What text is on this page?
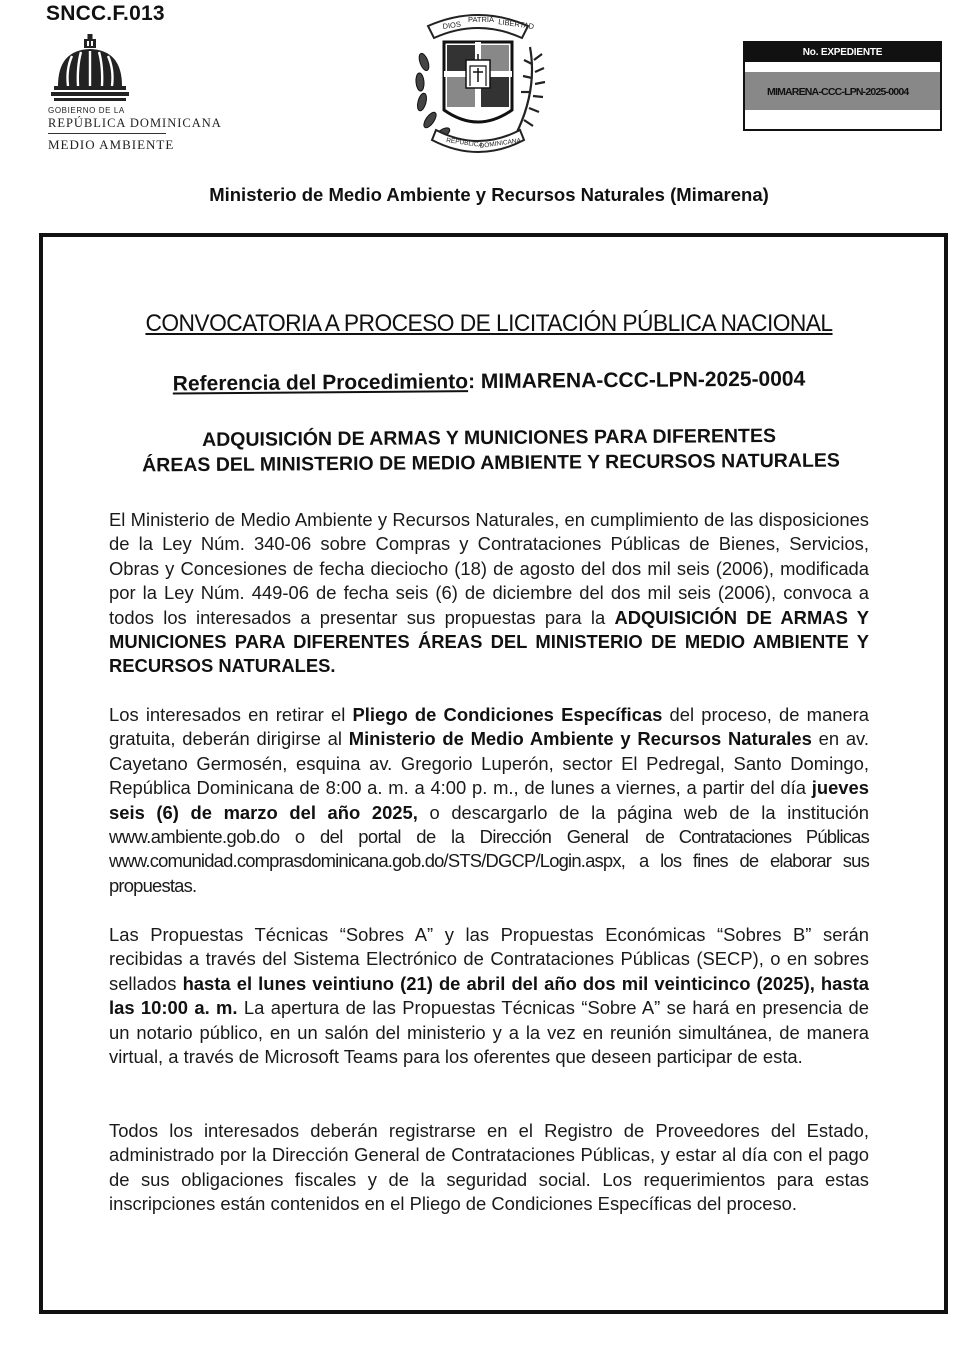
SNCC.F.013
GOBIERNO DE LA
REPÚBLICA DOMINICANA
MEDIO AMBIENTE
DIOS
PATRIA LIBERTAD
REPÚBLICA
DOMINICANA
No. EXPEDIENTE
MIMARENA-CCC-LPN-2025-0004
Ministerio de Medio Ambiente y Recursos Naturales (Mimarena)
CONVOCATORIA A PROCESO DE LICITACIÓN PÚBLICA NACIONAL
Referencia del Procedimiento: MIMARENA-CCC-LPN-2025-0004
ADQUISICIÓN DE ARMAS Y MUNICIONES PARA DIFERENTES
ÁREAS DEL MINISTERIO DE MEDIO AMBIENTE Y RECURSOS NATURALES
El Ministerio de Medio Ambiente y Recursos Naturales, en cumplimiento de las disposiciones de la Ley Núm. 340-06 sobre Compras y Contrataciones Públicas de Bienes, Servicios, Obras y Concesiones de fecha dieciocho (18) de agosto del dos mil seis (2006), modificada por la Ley Núm. 449-06 de fecha seis (6) de diciembre del dos mil seis (2006), convoca a todos los interesados a presentar sus propuestas para la ADQUISICIÓN DE ARMAS Y MUNICIONES PARA DIFERENTES ÁREAS DEL MINISTERIO DE MEDIO AMBIENTE Y RECURSOS NATURALES.
Los interesados en retirar el Pliego de Condiciones Específicas del proceso, de manera gratuita, deberán dirigirse al Ministerio de Medio Ambiente y Recursos Naturales en av. Cayetano Germosén, esquina av. Gregorio Luperón, sector El Pedregal, Santo Domingo, República Dominicana de 8:00 a. m. a 4:00 p. m., de lunes a viernes, a partir del día jueves seis (6) de marzo del año 2025, o descargarlo de la página web de la institución www.ambiente.gob.do o del portal de la Dirección General de Contrataciones Públicas www.comunidad.comprasdominicana.gob.do/STS/DGCP/Login.aspx, a los fines de elaborar sus propuestas.
Las Propuestas Técnicas “Sobres A” y las Propuestas Económicas “Sobres B” serán recibidas a través del Sistema Electrónico de Contrataciones Públicas (SECP), o en sobres sellados hasta el lunes veintiuno (21) de abril del año dos mil veinticinco (2025), hasta las 10:00 a. m. La apertura de las Propuestas Técnicas “Sobre A” se hará en presencia de un notario público, en un salón del ministerio y a la vez en reunión simultánea, de manera virtual, a través de Microsoft Teams para los oferentes que deseen participar de esta.
Todos los interesados deberán registrarse en el Registro de Proveedores del Estado, administrado por la Dirección General de Contrataciones Públicas, y estar al día con el pago de sus obligaciones fiscales y de la seguridad social. Los requerimientos para estas inscripciones están contenidos en el Pliego de Condiciones Específicas del proceso.
